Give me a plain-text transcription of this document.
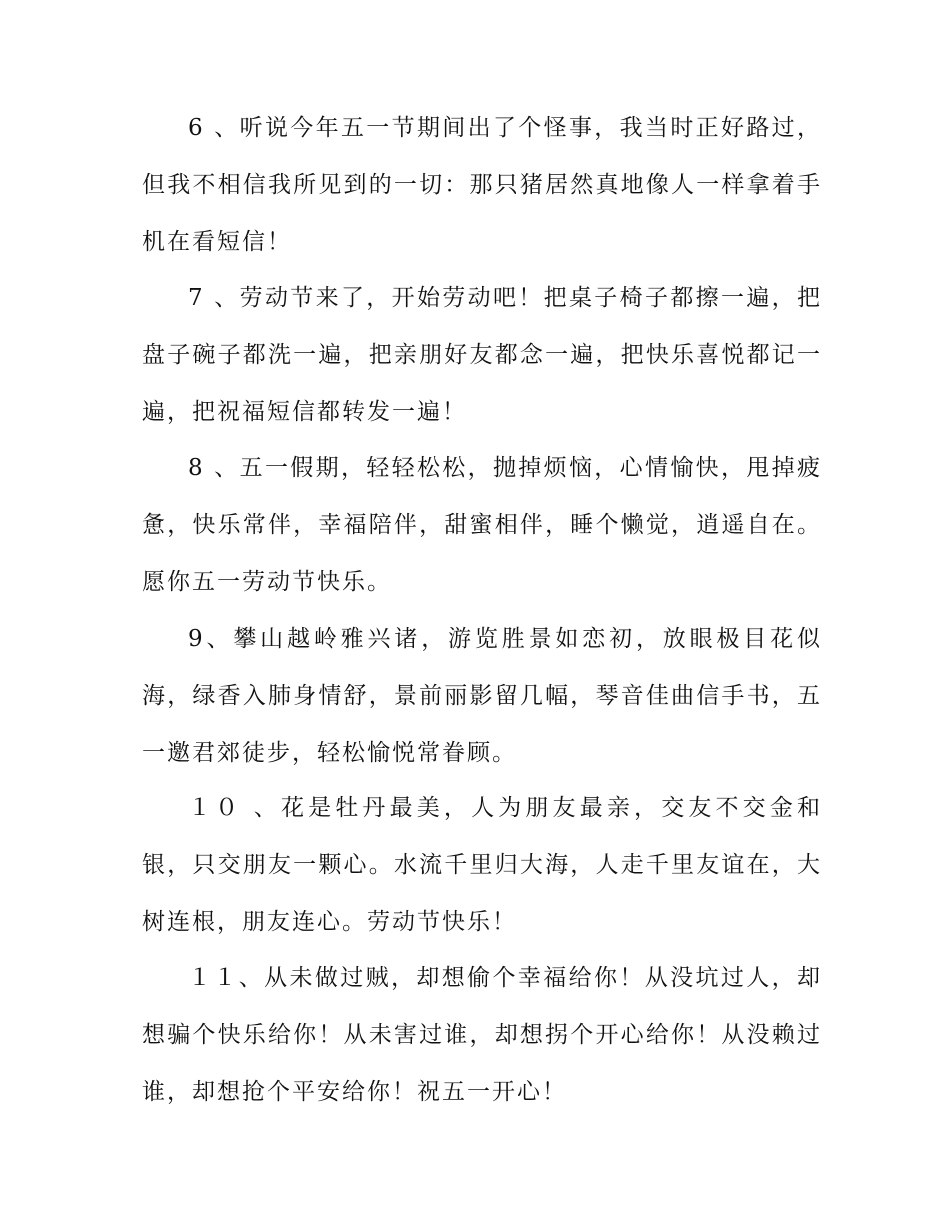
6 、听说今年五一节期间出了个怪事，我当时正好路过，但我不相信我所见到的一切：那只猪居然真地像人一样拿着手机在看短信！

7 、劳动节来了，开始劳动吧！把桌子椅子都擦一遍，把盘子碗子都洗一遍，把亲朋好友都念一遍，把快乐喜悦都记一遍，把祝福短信都转发一遍！

8 、五一假期，轻轻松松，抛掉烦恼，心情愉快，甩掉疲惫，快乐常伴，幸福陪伴，甜蜜相伴，睡个懒觉，逍遥自在。愿你五一劳动节快乐。

9、攀山越岭雅兴诸，游览胜景如恋初，放眼极目花似海，绿香入肺身情舒，景前丽影留几幅，琴音佳曲信手书，五一邀君郊徒步，轻松愉悦常眷顾。

１０ 、花是牡丹最美，人为朋友最亲，交友不交金和银，只交朋友一颗心。水流千里归大海，人走千里友谊在，大树连根，朋友连心。劳动节快乐！

１１、从未做过贼，却想偷个幸福给你！从没坑过人，却想骗个快乐给你！从未害过谁，却想拐个开心给你！从没赖过谁，却想抢个平安给你！祝五一开心！
